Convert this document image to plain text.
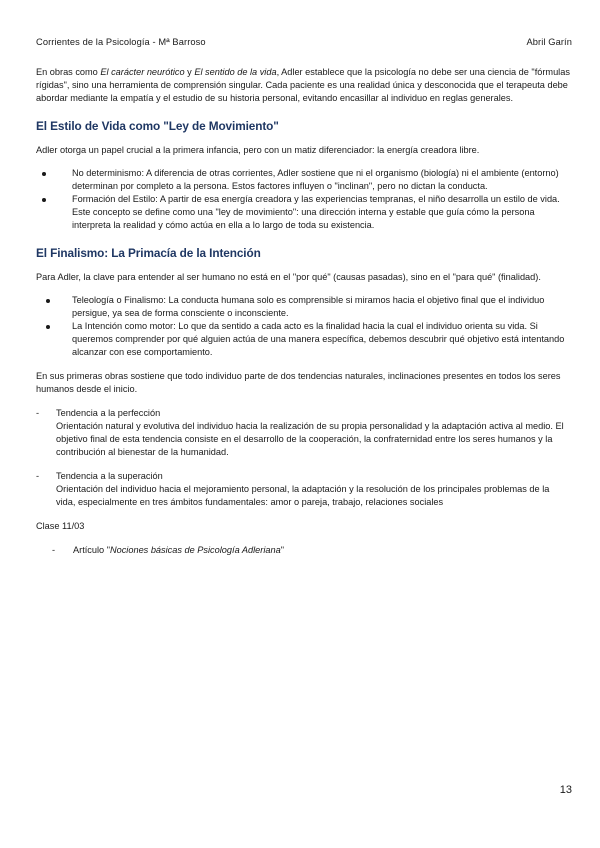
Corrientes de la Psicología - Mª Barroso	Abril Garín

En obras como El carácter neurótico y El sentido de la vida, Adler establece que la psicología no debe ser una ciencia de "fórmulas rígidas", sino una herramienta de comprensión singular. Cada paciente es una realidad única y desconocida que el terapeuta debe abordar mediante la empatía y el estudio de su historia personal, evitando encasillar al individuo en reglas generales.

El Estilo de Vida como "Ley de Movimiento"

Adler otorga un papel crucial a la primera infancia, pero con un matiz diferenciador: la energía creadora libre.

No determinismo: A diferencia de otras corrientes, Adler sostiene que ni el organismo (biología) ni el ambiente (entorno) determinan por completo a la persona. Estos factores influyen o "inclinan", pero no dictan la conducta.
Formación del Estilo: A partir de esa energía creadora y las experiencias tempranas, el niño desarrolla un estilo de vida. Este concepto se define como una "ley de movimiento": una dirección interna y estable que guía cómo la persona interpreta la realidad y cómo actúa en ella a lo largo de toda su existencia.
El Finalismo: La Primacía de la Intención

Para Adler, la clave para entender al ser humano no está en el "por qué" (causas pasadas), sino en el "para qué" (finalidad).

Teleología o Finalismo: La conducta humana solo es comprensible si miramos hacia el objetivo final que el individuo persigue, ya sea de forma consciente o inconsciente.
La Intención como motor: Lo que da sentido a cada acto es la finalidad hacia la cual el individuo orienta su vida. Si queremos comprender por qué alguien actúa de una manera específica, debemos descubrir qué objetivo está intentando alcanzar con ese comportamiento.

En sus primeras obras sostiene que todo individuo parte de dos tendencias naturales, inclinaciones presentes en todos los seres humanos desde el inicio.

- Tendencia a la perfección
Orientación natural y evolutiva del individuo hacia la realización de su propia personalidad y la adaptación activa al medio. El objetivo final de esta tendencia consiste en el desarrollo de la cooperación, la confraternidad entre los seres humanos y la contribución al bienestar de la humanidad.
- Tendencia a la superación
Orientación del individuo hacia el mejoramiento personal, la adaptación y la resolución de los principales problemas de la vida, especialmente en tres ámbitos fundamentales: amor o pareja, trabajo, relaciones sociales

Clase 11/03

- Artículo "Nociones básicas de Psicología Adleriana"
13
